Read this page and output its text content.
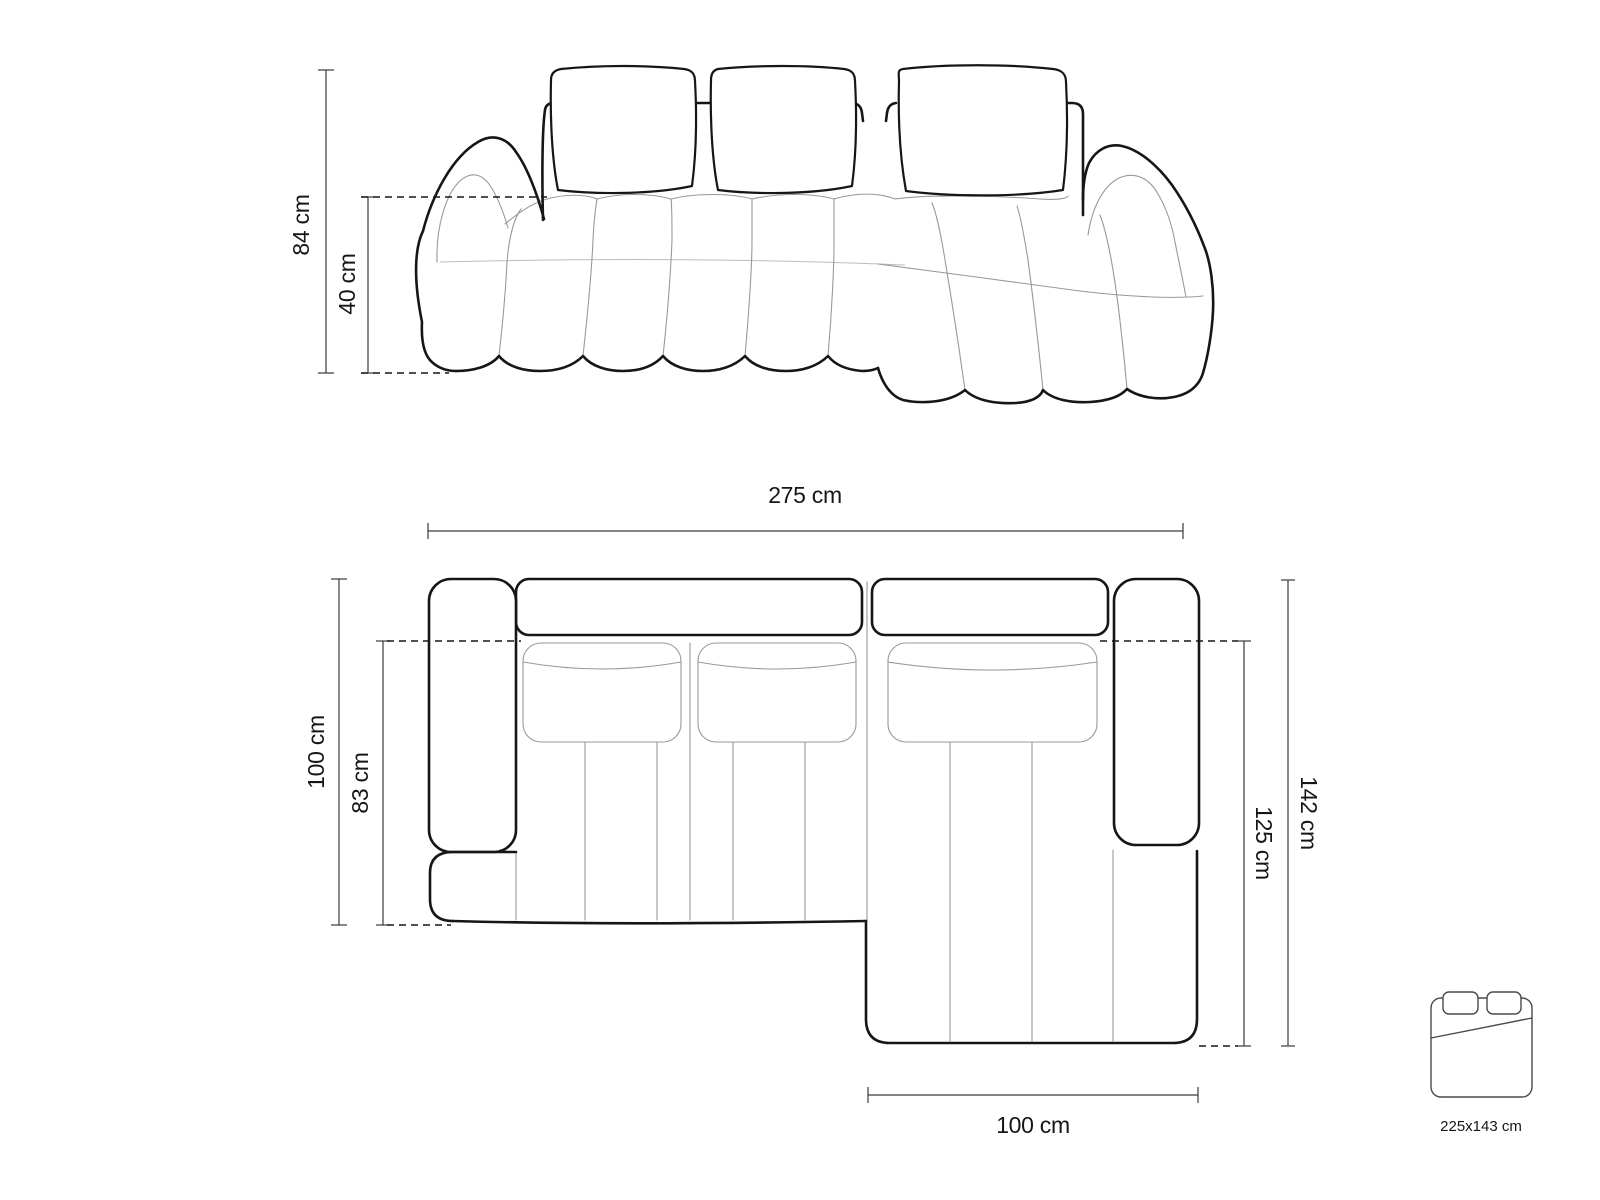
84 cm
40 cm
275 cm
100 cm 83 cm
125 cm 142 cm
100 cm	225x143 cm
